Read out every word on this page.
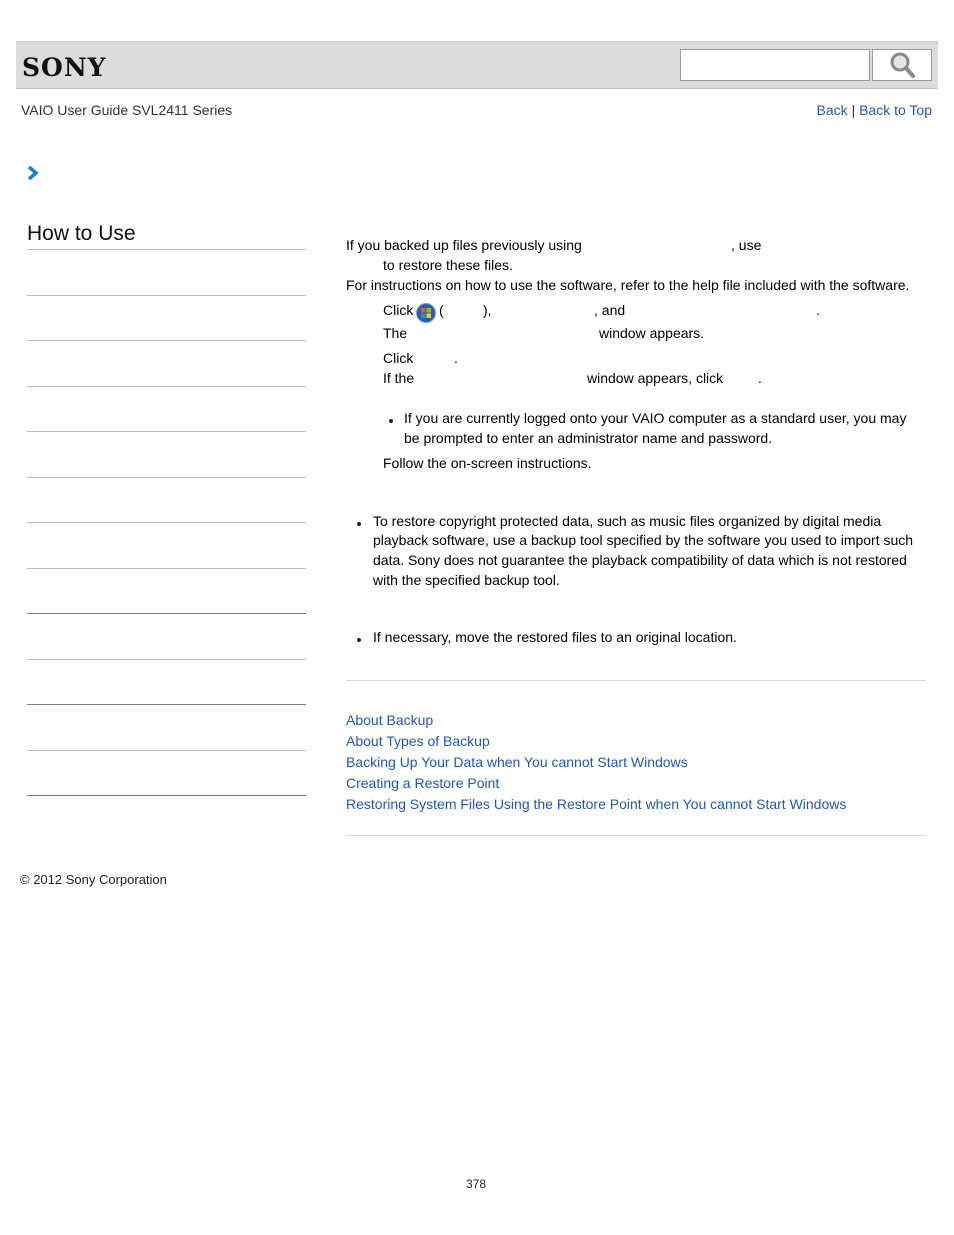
SONY
VAIO User Guide SVL2411 Series	Back | Back to Top
How to Use	If you backed up files previously using	, use
to restore these files.
For instructions on how to use the software, refer to the help file included with the software.
Click (	),	, and	.
The	window appears.
Click	.
If the	window appears, click .
If you are currently logged onto your VAIO computer as a standard user, you may
be prompted to enter an administrator name and password.
Follow the on-screen instructions.
To restore copyright protected data, such as music files organized by digital media
playback software, use a backup tool specified by the software you used to import such
data. Sony does not guarantee the playback compatibility of data which is not restored
with the specified backup tool.
If necessary, move the restored files to an original location.
About Backup
About Types of Backup
Backing Up Your Data when You cannot Start Windows
Creating a Restore Point
Restoring System Files Using the Restore Point when You cannot Start Windows
© 2012 Sony Corporation
378
